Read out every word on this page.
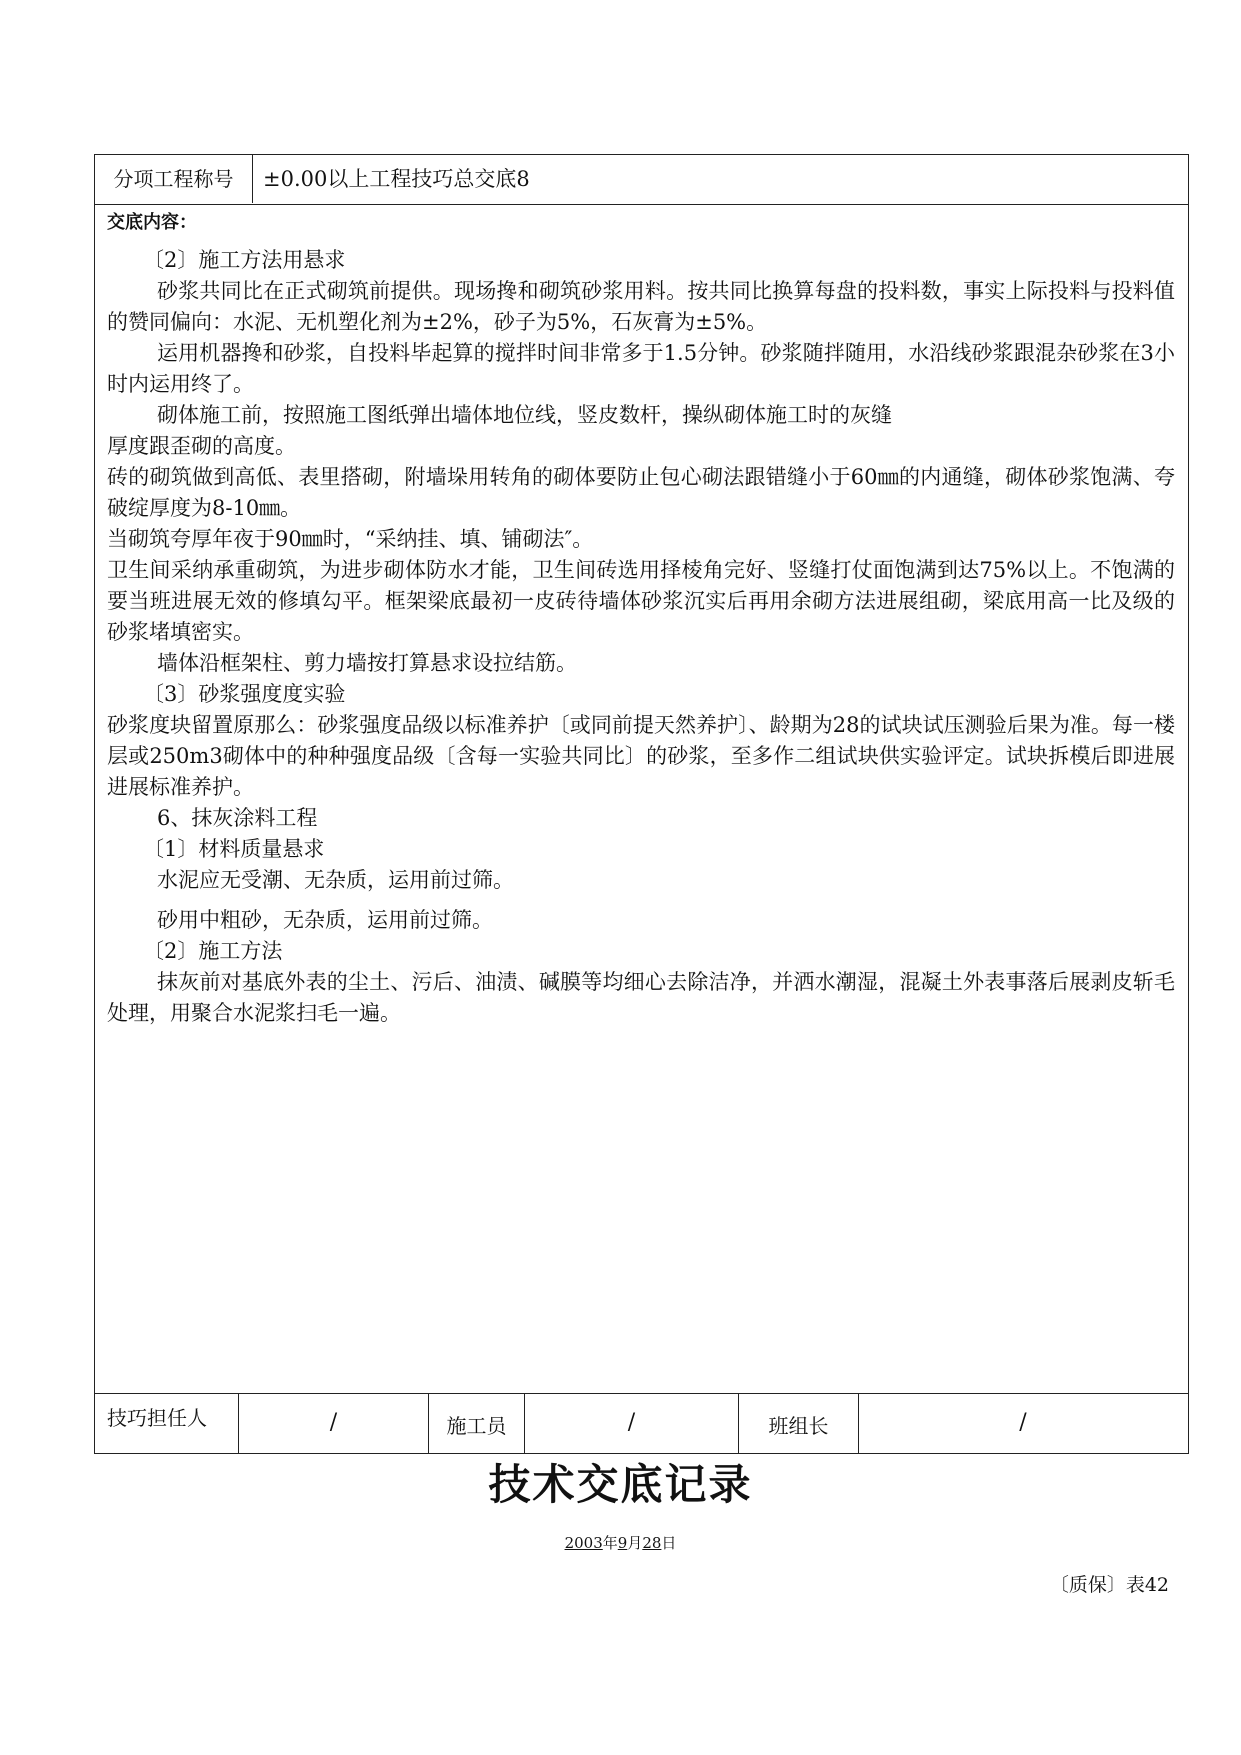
分项工程称号	±0.00以上工程技巧总交底8
交底内容：

〔2〕施工方法用悬求

砂浆共同比在正式砌筑前提供。现场搀和砌筑砂浆用料。按共同比换算每盘的投料数，事实上际投料与投料值的赞同偏向：水泥、无机塑化剂为±2%，砂子为5%，石灰膏为±5%。

运用机器搀和砂浆，自投料毕起算的搅拌时间非常多于1.5分钟。砂浆随拌随用，水沿线砂浆跟混杂砂浆在3小时内运用终了。

砌体施工前，按照施工图纸弹出墙体地位线，竖皮数杆，操纵砌体施工时的灰缝

厚度跟歪砌的高度。

砖的砌筑做到高低、表里搭砌，附墙垛用转角的砌体要防止包心砌法跟错缝小于60㎜的内通缝，砌体砂浆饱满、夸破绽厚度为8-10㎜。

当砌筑夸厚年夜于90㎜时，“采纳挂、填、铺砌法″。

卫生间采纳承重砌筑，为进步砌体防水才能，卫生间砖选用择棱角完好、竖缝打仗面饱满到达75%以上。不饱满的要当班进展无效的修填勾平。框架梁底最初一皮砖待墙体砂浆沉实后再用余砌方法进展组砌，梁底用高一比及级的砂浆堵填密实。

墙体沿框架柱、剪力墙按打算悬求设拉结筋。

〔3〕砂浆强度度实验

砂浆度块留置原那么：砂浆强度品级以标准养护〔或同前提天然养护〕、龄期为28的试块试压测验后果为准。每一楼层或250m3砌体中的种种强度品级〔含每一实验共同比〕的砂浆，至多作二组试块供实验评定。试块拆模后即进展进展标准养护。

6、抹灰涂料工程

〔1〕材料质量悬求

水泥应无受潮、无杂质，运用前过筛。

砂用中粗砂，无杂质，运用前过筛。

〔2〕施工方法

抹灰前对基底外表的尘土、污后、油渍、碱膜等均细心去除洁净，并洒水潮湿，混凝土外表事落后展剥皮斩毛处理，用聚合水泥浆扫毛一遍。

技巧担任人	/	施工员	/	班组长	/
技术交底记录
2003年9月28日
〔质保〕表42
